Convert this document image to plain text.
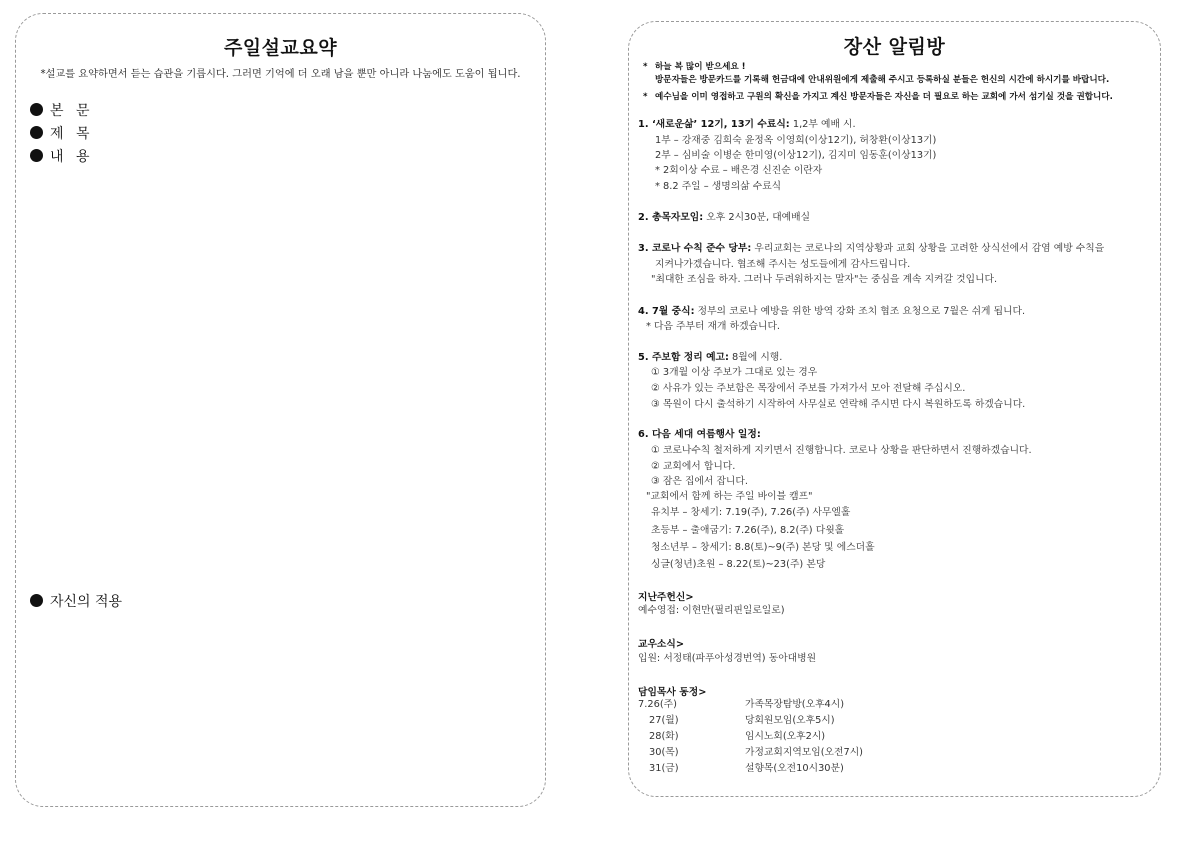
주일설교요약
*설교를 요약하면서 듣는 습관을 기릅시다. 그러면 기억에 더 오래 남을 뿐만 아니라 나눔에도 도움이 됩니다.
본 문
제 목
내 용
자신의 적용
장산 알림방
* 하늘 복 많이 받으세요 !
방문자들은 방문카드를 기록해 헌금대에 안내위원에게 제출해 주시고 등록하실 분들은 헌신의 시간에 하시기를 바랍니다.
* 예수님을 이미 영접하고 구원의 확신을 가지고 계신 방문자들은 자신을 더 필요로 하는 교회에 가서 섬기실 것을 권합니다.
1. ‘새로운삶’ 12기, 13기 수료식: 1,2부 예배 시.
1부 – 강재중 김희숙 윤정옥 이영희(이상12기), 허창환(이상13기)
2부 – 심비술 이병순 한미영(이상12기), 김지미 임동훈(이상13기)
* 2회이상 수료 – 배은경 신진순 이란자
* 8.2 주일 – 생명의삶 수료식
2. 총목자모임: 오후 2시30분, 대예배실
3. 코로나 수칙 준수 당부: 우리교회는 코로나의 지역상황과 교회 상황을 고려한 상식선에서 감염 예방 수칙을
지켜나가겠습니다. 협조해 주시는 성도들에게 감사드립니다.
"최대한 조심을 하자. 그러나 두려워하지는 말자"는 중심을 계속 지켜갈 것입니다.
4. 7월 중식: 정부의 코로나 예방을 위한 방역 강화 조치 협조 요청으로 7월은 쉬게 됩니다.
* 다음 주부터 재개 하겠습니다.
5. 주보함 정리 예고: 8월에 시행.
① 3개월 이상 주보가 그대로 있는 경우
② 사유가 있는 주보함은 목장에서 주보를 가져가서 모아 전달해 주십시오.
③ 목원이 다시 출석하기 시작하여 사무실로 연락해 주시면 다시 복원하도록 하겠습니다.
6. 다음 세대 여름행사 일정:
① 코로나수칙 철저하게 지키면서 진행합니다. 코로나 상황을 판단하면서 진행하겠습니다.
② 교회에서 합니다.
③ 잠은 집에서 잡니다.
"교회에서 함께 하는 주일 바이블 캠프"
유치부 – 창세기: 7.19(주), 7.26(주) 사무엘홀
초등부 – 출애굽기: 7.26(주), 8.2(주) 다윗홀
청소년부 – 창세기: 8.8(토)~9(주) 본당 및 에스더홀
싱글(청년)초원 – 8.22(토)~23(주) 본당
지난주헌신>
예수영접: 이현만(필리핀일로일로)
교우소식>
입원: 서정태(파푸아성경번역) 동아대병원
담임목사 동정>
7.26(주)	가족목장탐방(오후4시)
27(월)	당회원모임(오후5시)
28(화)	임시노회(오후2시)
30(목)	가정교회지역모임(오전7시)
31(금)	설향목(오전10시30분)
